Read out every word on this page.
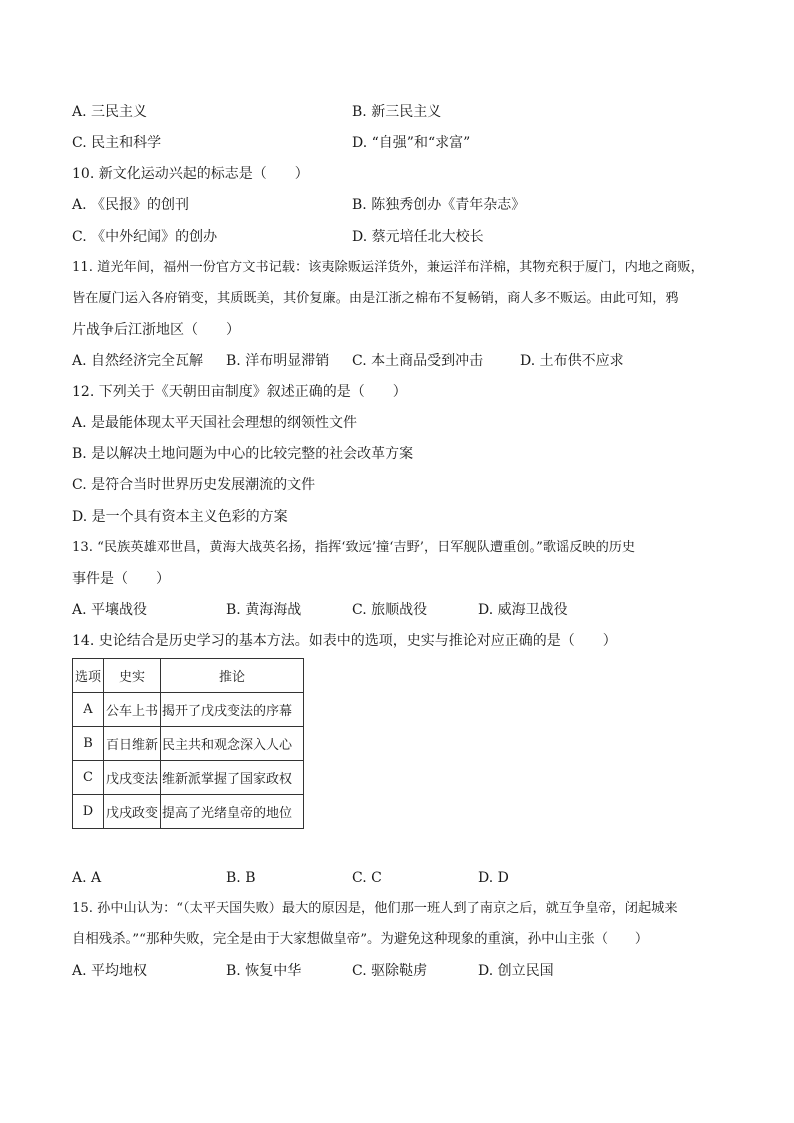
A. 三民主义	B. 新三民主义
C. 民主和科学	D. “自强”和“求富”
10. 新文化运动兴起的标志是（　　）
A. 《民报》的创刊	B. 陈独秀创办《青年杂志》
C. 《中外纪闻》的创办	D. 蔡元培任北大校长
11. 道光年间，福州一份官方文书记载：该夷除贩运洋货外，兼运洋布洋棉，其物充积于厦门，内地之商贩，
皆在厦门运入各府销变，其质既美，其价复廉。由是江浙之棉布不复畅销，商人多不贩运。由此可知，鸦
片战争后江浙地区（　　）
A. 自然经济完全瓦解 B. 洋布明显滞销 C. 本土商品受到冲击	D. 土布供不应求
12. 下列关于《天朝田亩制度》叙述正确的是（　　）
A. 是最能体现太平天国社会理想的纲领性文件
B. 是以解决土地问题为中心的比较完整的社会改革方案
C. 是符合当时世界历史发展潮流的文件
D. 是一个具有资本主义色彩的方案
13. “民族英雄邓世昌，黄海大战英名扬，指挥‘致远’撞‘吉野’，日军舰队遭重创。”歌谣反映的历史
事件是（　　）
A. 平壤战役	B. 黄海海战	C. 旅顺战役	D. 威海卫战役
14. 史论结合是历史学习的基本方法。如表中的选项，史实与推论对应正确的是（　　）
选项	史实	推论
A	公车上书	揭开了戊戌变法的序幕
B	百日维新	民主共和观念深入人心
C	戊戌变法	维新派掌握了国家政权
D	戊戌政变	提高了光绪皇帝的地位
A. A	B. B	C. C	D. D
15. 孙中山认为：“（太平天国失败）最大的原因是，他们那一班人到了南京之后，就互争皇帝，闭起城来
自相残杀。”“那种失败，完全是由于大家想做皇帝”。为避免这种现象的重演，孙中山主张（　　）
A. 平均地权	B. 恢复中华	C. 驱除鞑虏	D. 创立民国
